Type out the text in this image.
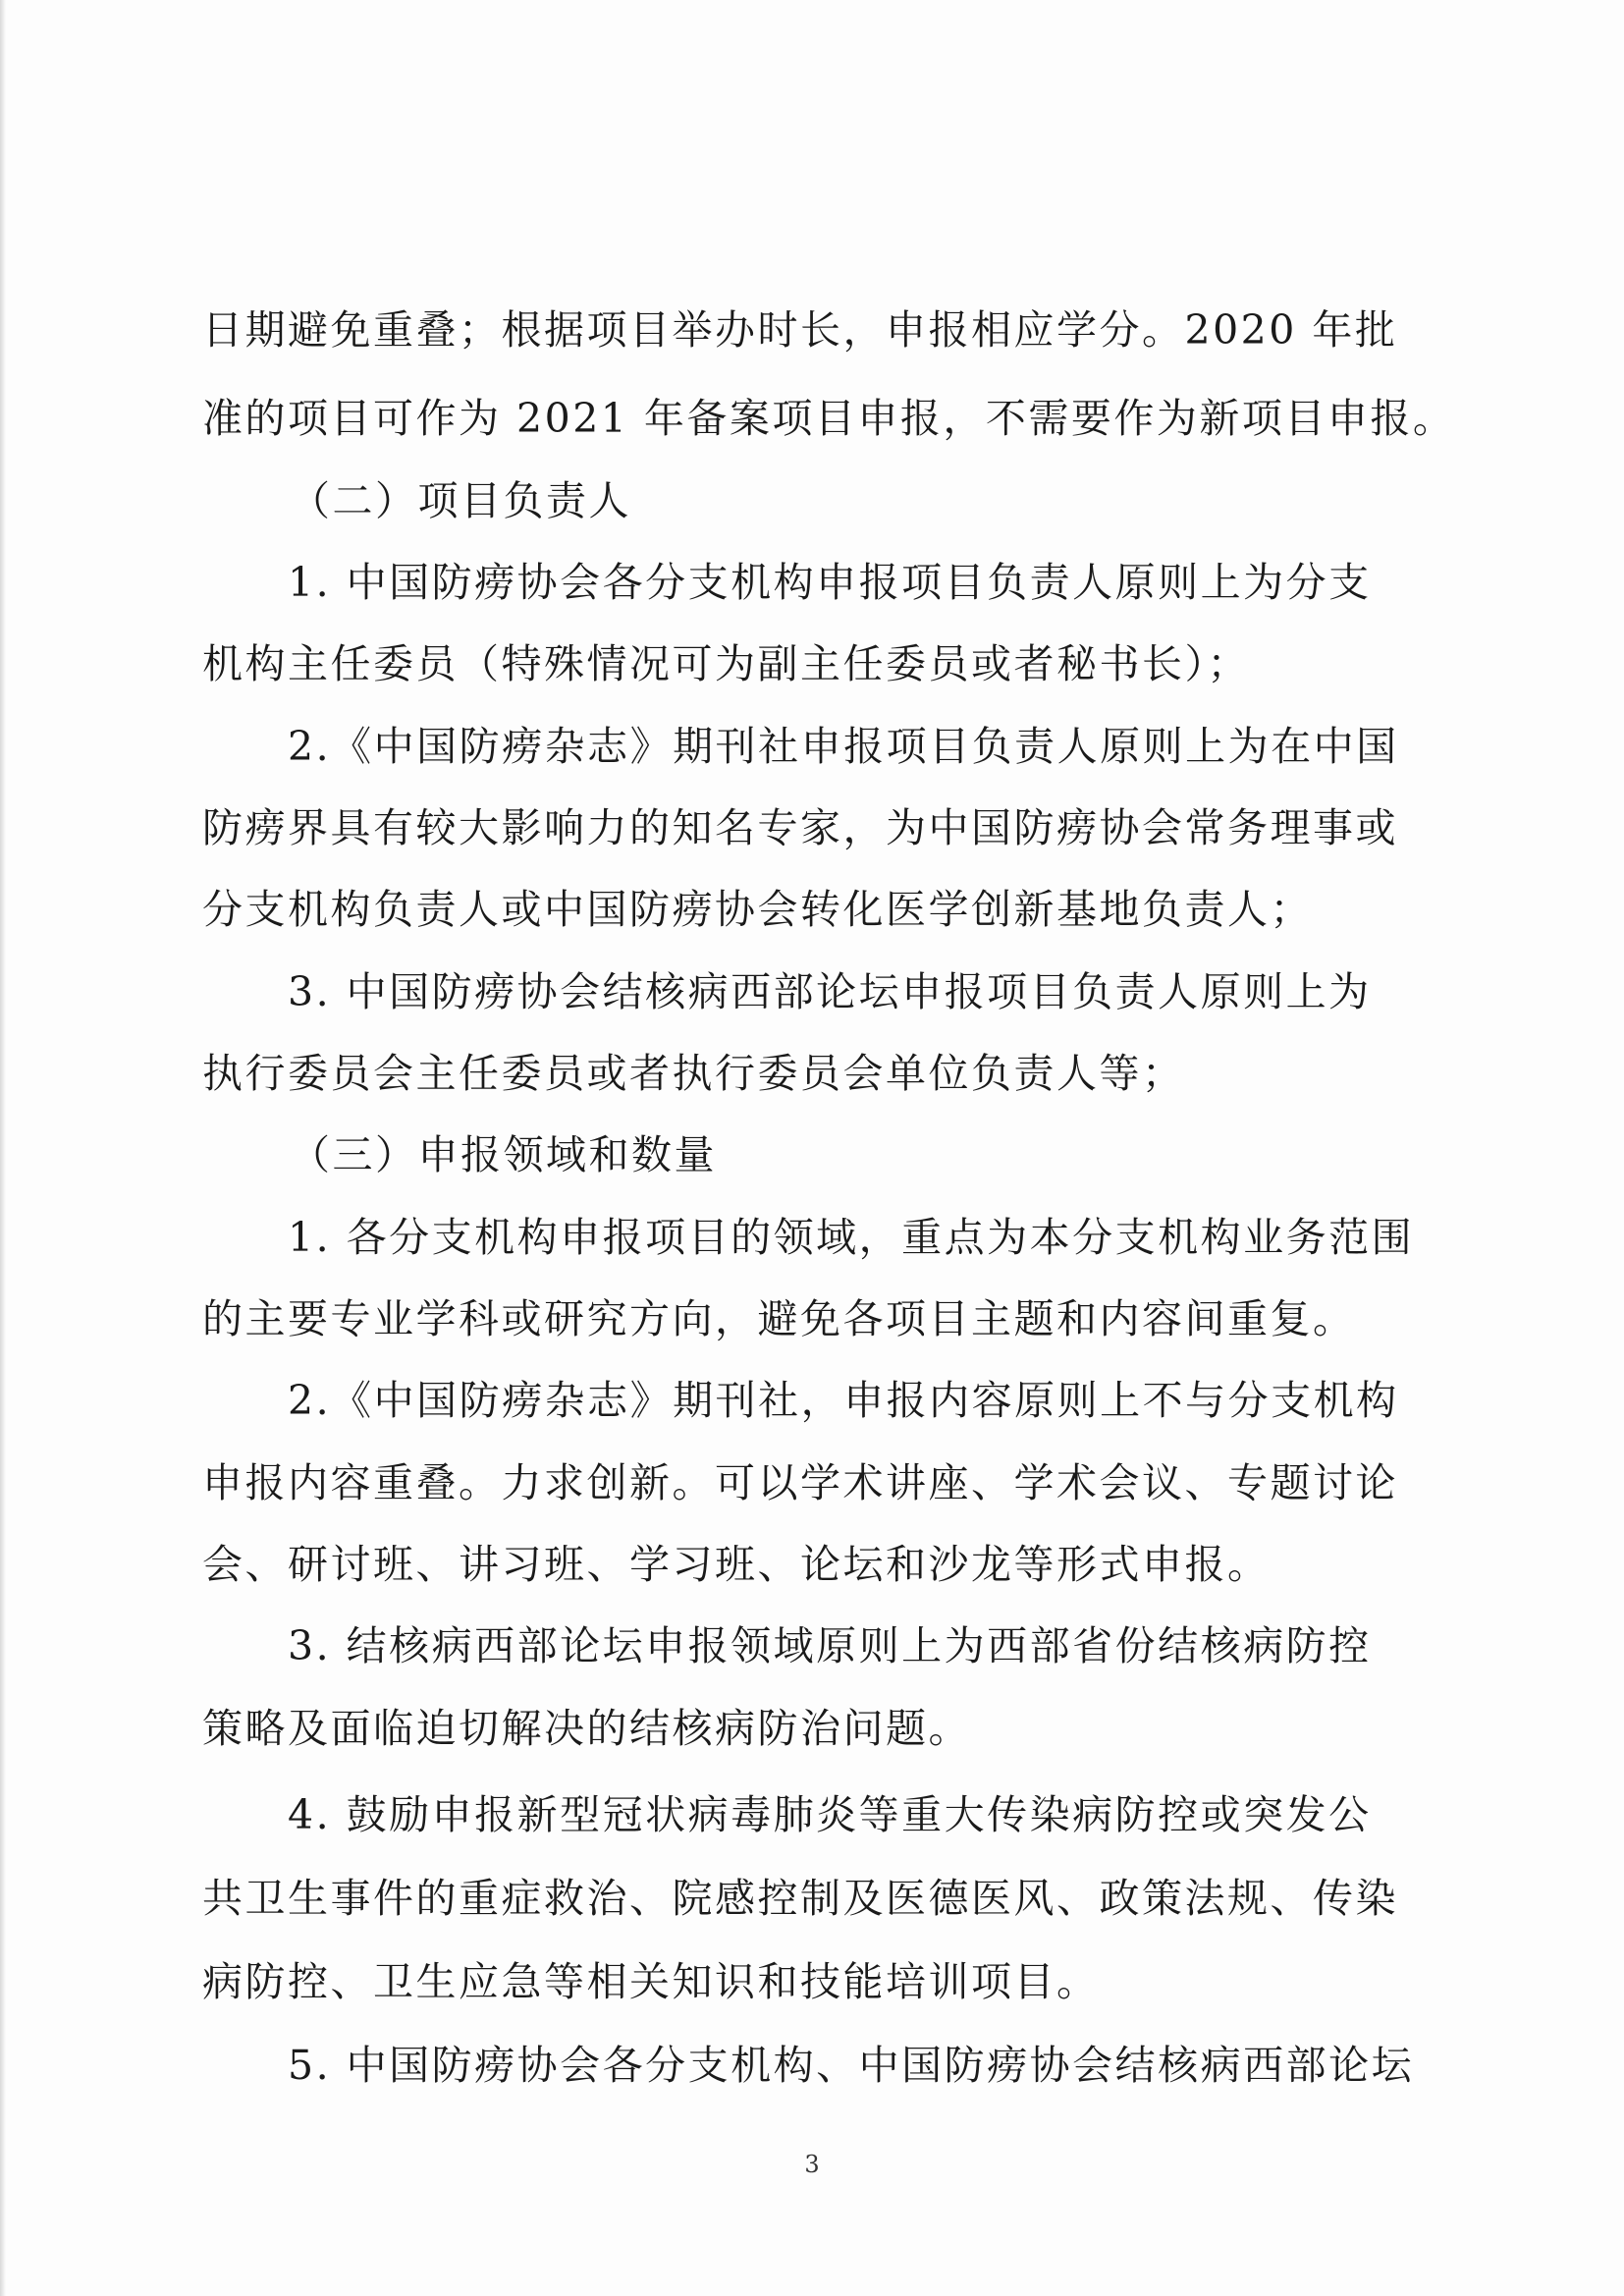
日期避免重叠；根据项目举办时长，申报相应学分。2020 年批
准的项目可作为 2021 年备案项目申报，不需要作为新项目申报。
（二）项目负责人
1. 中国防痨协会各分支机构申报项目负责人原则上为分支
机构主任委员（特殊情况可为副主任委员或者秘书长）；
2.《中国防痨杂志》期刊社申报项目负责人原则上为在中国
防痨界具有较大影响力的知名专家，为中国防痨协会常务理事或
分支机构负责人或中国防痨协会转化医学创新基地负责人；
3. 中国防痨协会结核病西部论坛申报项目负责人原则上为
执行委员会主任委员或者执行委员会单位负责人等；
（三）申报领域和数量
1. 各分支机构申报项目的领域，重点为本分支机构业务范围
的主要专业学科或研究方向，避免各项目主题和内容间重复。
2.《中国防痨杂志》期刊社，申报内容原则上不与分支机构
申报内容重叠。力求创新。可以学术讲座、学术会议、专题讨论
会、研讨班、讲习班、学习班、论坛和沙龙等形式申报。
3. 结核病西部论坛申报领域原则上为西部省份结核病防控
策略及面临迫切解决的结核病防治问题。
4. 鼓励申报新型冠状病毒肺炎等重大传染病防控或突发公
共卫生事件的重症救治、院感控制及医德医风、政策法规、传染
病防控、卫生应急等相关知识和技能培训项目。
5. 中国防痨协会各分支机构、中国防痨协会结核病西部论坛
3
